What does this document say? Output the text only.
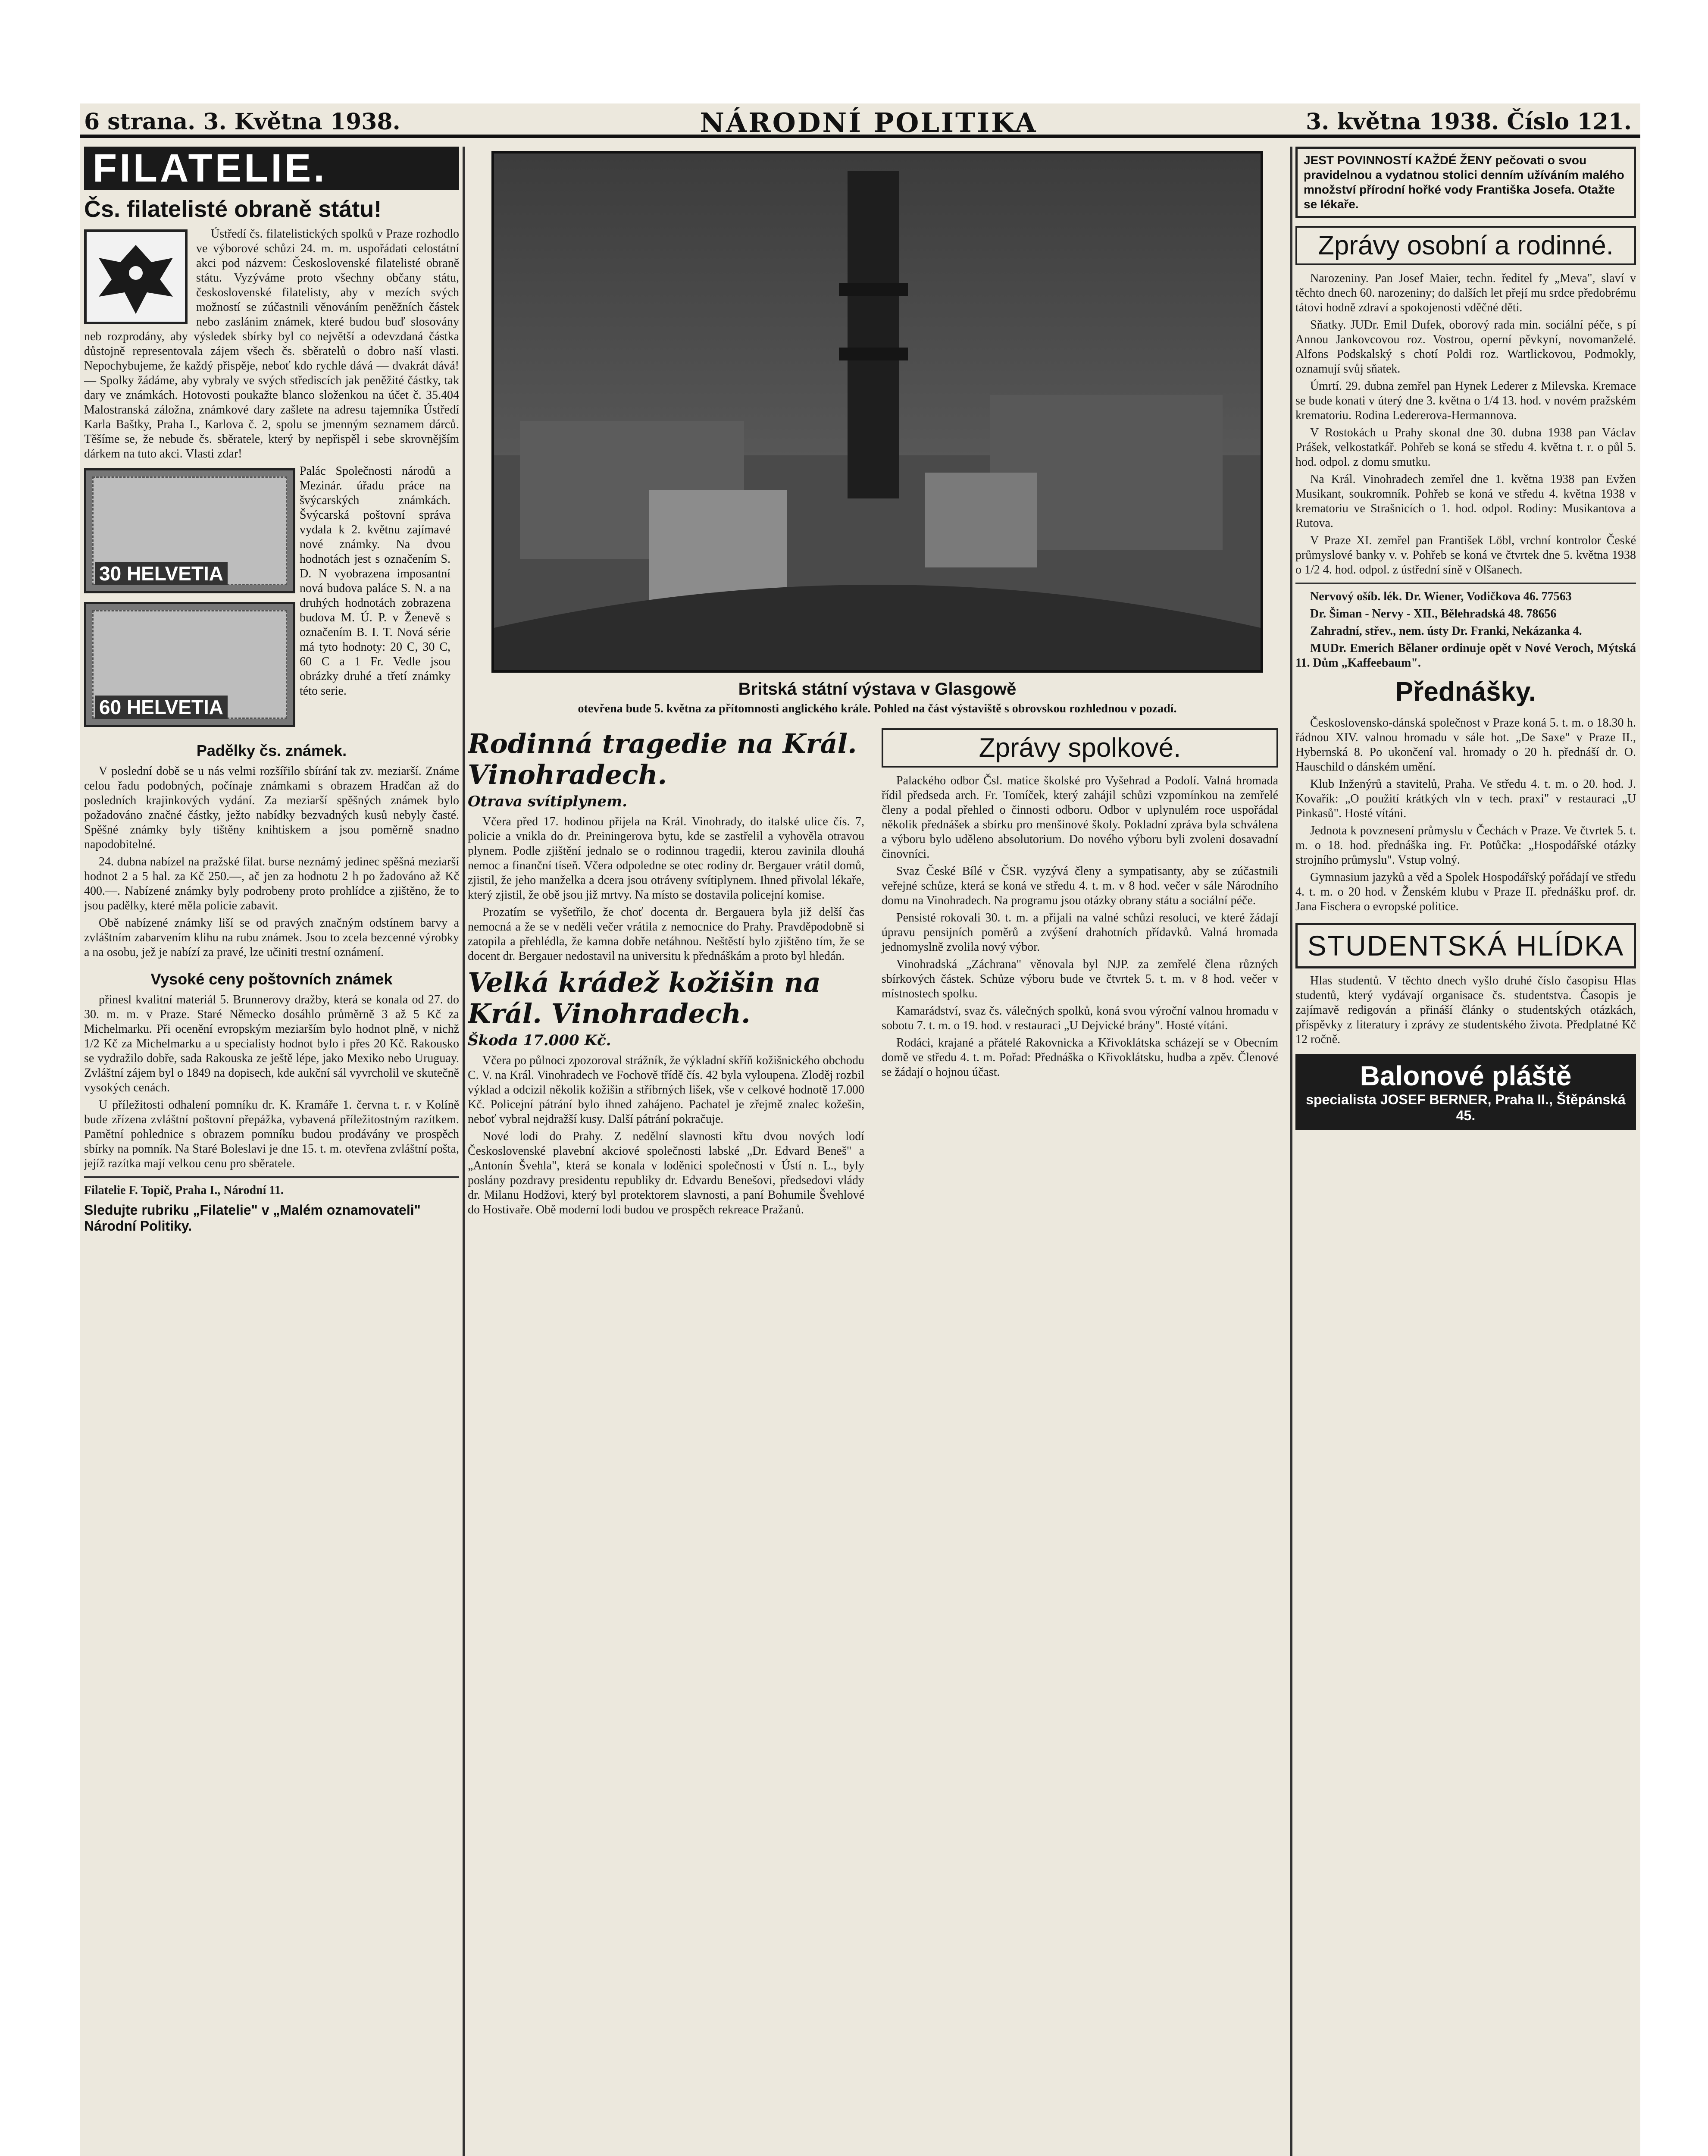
6 strana. 3. Května 1938.	NÁRODNÍ POLITIKA	3. května 1938. Číslo 121.
FILATELIE.
Čs. filatelisté obraně státu!

Ústředí čs. filatelistických spolků v Praze rozhodlo ve výborové schůzi 24. m. m. uspořádati celostátní akci pod názvem: Československé filatelisté obraně státu. Vyzýváme proto všechny občany státu, československé filatelisty, aby v mezích svých možností se zúčastnili věnováním peněžních částek nebo zaslánim známek, které budou buď slosovány neb rozprodány, aby výsledek sbírky byl co největší a odevzdaná částka důstojně representovala zájem všech čs. sběratelů o dobro naší vlasti. Nepochybujeme, že každý přispěje, neboť kdo rychle dává — dvakrát dává! — Spolky žádáme, aby vybraly ve svých střediscích jak peněžité částky, tak dary ve známkách. Hotovosti poukažte blanco složenkou na účet č. 35.404 Malostranská záložna, známkové dary zašlete na adresu tajemníka Ústředí Karla Baštky, Praha I., Karlova č. 2, spolu se jmenným seznamem dárců. Těšíme se, že nebude čs. sběratele, který by nepřispěl i sebe skrovnějším dárkem na tuto akci. Vlasti zdar!

30 HELVETIA
60 HELVETIA
Palác Společnosti národů a Mezinár. úřadu práce na švýcarských známkách. Švýcarská poštovní správa vydala k 2. květnu zajímavé nové známky. Na dvou hodnotách jest s označením S. D. N vyobrazena imposantní nová budova paláce S. N. a na druhých hodnotách zobrazena budova M. Ú. P. v Ženevě s označením B. I. T. Nová série má tyto hodnoty: 20 C, 30 C, 60 C a 1 Fr. Vedle jsou obrázky druhé a třetí známky této serie.
Padělky čs. známek.

V poslední době se u nás velmi rozšířilo sbírání tak zv. meziarší. Známe celou řadu podobných, počínaje známkami s obrazem Hradčan až do posledních krajinkových vydání. Za meziarší spěšných známek bylo požadováno značné částky, ježto nabídky bezvadných kusů nebyly časté. Spěšné známky byly tištěny knihtiskem a jsou poměrně snadno napodobitelné.

24. dubna nabízel na pražské filat. burse neznámý jedinec spěšná meziarší hodnot 2 a 5 hal. za Kč 250.—, ač jen za hodnotu 2 h po žadováno až Kč 400.—. Nabízené známky byly podrobeny proto prohlídce a zjištěno, že to jsou padělky, které měla policie zabavit.

Obě nabízené známky liší se od pravých značným odstínem barvy a zvláštním zabarvením klihu na rubu známek. Jsou to zcela bezcenné výrobky a na osobu, jež je nabízí za pravé, lze učiniti trestní oznámení.

Vysoké ceny poštovních známek

přinesl kvalitní materiál 5. Brunnerovy dražby, která se konala od 27. do 30. m. m. v Praze. Staré Německo dosáhlo průměrně 3 až 5 Kč za Michelmarku. Při ocenění evropským meziarším bylo hodnot plně, v nichž 1/2 Kč za Michelmarku a u specialisty hodnot bylo i přes 20 Kč. Rakousko se vydražilo dobře, sada Rakouska ze ještě lépe, jako Mexiko nebo Uruguay. Zvláštní zájem byl o 1849 na dopisech, kde aukční sál vyvrcholil ve skutečně vysokých cenách.

U příležitosti odhalení pomníku dr. K. Kramáře 1. června t. r. v Kolíně bude zřízena zvláštní poštovní přepážka, vybavená příležitostným razítkem. Pamětní pohlednice s obrazem pomníku budou prodávány ve prospěch sbírky na pomník. Na Staré Boleslavi je dne 15. t. m. otevřena zvláštní pošta, jejíž razítka mají velkou cenu pro sběratele.

Filatelie F. Topič, Praha I., Národní 11.
Sledujte rubriku „Filatelie" v „Malém oznamovateli" Národní Politiky.
Britská státní výstava v Glasgowě
otevřena bude 5. května za přítomnosti anglického krále. Pohled na část výstaviště s obrovskou rozhlednou v pozadí.
Rodinná tragedie na Král. Vinohradech.
Otrava svítiplynem.

Včera před 17. hodinou přijela na Král. Vinohrady, do italské ulice čís. 7, policie a vnikla do dr. Preiningerova bytu, kde se zastřelil a vyhověla otravou plynem. Podle zjištění jednalo se o rodinnou tragedii, kterou zavinila dlouhá nemoc a finanční tíseň. Včera odpoledne se otec rodiny dr. Bergauer vrátil domů, zjistil, že jeho manželka a dcera jsou otráveny svítiplynem. Ihned přivolal lékaře, který zjistil, že obě jsou již mrtvy. Na místo se dostavila policejní komise.

Prozatím se vyšetřilo, že choť docenta dr. Bergauera byla již delší čas nemocná a že se v neděli večer vrátila z nemocnice do Prahy. Pravděpodobně si zatopila a přehlédla, že kamna dobře netáhnou. Neštěstí bylo zjištěno tím, že se docent dr. Bergauer nedostavil na universitu k přednáškám a proto byl hledán.

Velká krádež kožišin na Král. Vinohradech.
Škoda 17.000 Kč.

Včera po půlnoci zpozoroval strážník, že výkladní skříň kožišnického obchodu C. V. na Král. Vinohradech ve Fochově třídě čís. 42 byla vyloupena. Zloděj rozbil výklad a odcizil několik kožišin a stříbrných lišek, vše v celkové hodnotě 17.000 Kč. Policejní pátrání bylo ihned zahájeno. Pachatel je zřejmě znalec kožešin, neboť vybral nejdražší kusy. Další pátrání pokračuje.

Nové lodi do Prahy. Z nedělní slavnosti křtu dvou nových lodí Československé plavební akciové společnosti labské „Dr. Edvard Beneš" a „Antonín Švehla", která se konala v loděnici společnosti v Ústí n. L., byly poslány pozdravy presidentu republiky dr. Edvardu Benešovi, předsedovi vlády dr. Milanu Hodžovi, který byl protektorem slavnosti, a paní Bohumile Švehlové do Hostivaře. Obě moderní lodi budou ve prospěch rekreace Pražanů.

Zprávy spolkové.

Palackého odbor Čsl. matice školské pro Vyšehrad a Podolí. Valná hromada řídil předseda arch. Fr. Tomíček, který zahájil schůzi vzpomínkou na zemřelé členy a podal přehled o činnosti odboru. Odbor v uplynulém roce uspořádal několik přednášek a sbírku pro menšinové školy. Pokladní zpráva byla schválena a výboru bylo uděleno absolutorium. Do nového výboru byli zvoleni dosavadní činovníci.

Svaz České Bílé v ČSR. vyzývá členy a sympatisanty, aby se zúčastnili veřejné schůze, která se koná ve středu 4. t. m. v 8 hod. večer v sále Národního domu na Vinohradech. Na programu jsou otázky obrany státu a sociální péče.

Pensisté rokovali 30. t. m. a přijali na valné schůzi resoluci, ve které žádají úpravu pensijních poměrů a zvýšení drahotních přídavků. Valná hromada jednomyslně zvolila nový výbor.

Vinohradská „Záchrana" věnovala byl NJP. za zemřelé člena různých sbírkových částek. Schůze výboru bude ve čtvrtek 5. t. m. v 8 hod. večer v místnostech spolku.

Kamarádství, svaz čs. válečných spolků, koná svou výroční valnou hromadu v sobotu 7. t. m. o 19. hod. v restauraci „U Dejvické brány". Hosté vítáni.

Rodáci, krajané a přátelé Rakovnicka a Křivoklátska scházejí se v Obecním domě ve středu 4. t. m. Pořad: Přednáška o Křivoklátsku, hudba a zpěv. Členové se žádají o hojnou účast.

JEST POVINNOSTÍ KAŽDÉ ŽENY pečovati o svou pravidelnou a vydatnou stolici denním užíváním malého množství přírodní hořké vody Františka Josefa. Otažte se lékaře.
Zprávy osobní a rodinné.

Narozeniny. Pan Josef Maier, techn. ředitel fy „Meva", slaví v těchto dnech 60. narozeniny; do dalších let přejí mu srdce předobrému tátovi hodně zdraví a spokojenosti vděčné děti.

Sňatky. JUDr. Emil Dufek, oborový rada min. sociální péče, s pí Annou Jankovcovou roz. Vostrou, operní pěvkyní, novomanželé. Alfons Podskalský s chotí Poldi roz. Wartlickovou, Podmokly, oznamují svůj sňatek.

Úmrtí. 29. dubna zemřel pan Hynek Lederer z Milevska. Kremace se bude konati v úterý dne 3. května o 1/4 13. hod. v novém pražském krematoriu. Rodina Ledererova-Hermannova.

V Rostokách u Prahy skonal dne 30. dubna 1938 pan Václav Prášek, velkostatkář. Pohřeb se koná se středu 4. května t. r. o půl 5. hod. odpol. z domu smutku.

Na Král. Vinohradech zemřel dne 1. května 1938 pan Evžen Musikant, soukromník. Pohřeb se koná ve středu 4. května 1938 v krematoriu ve Strašnicích o 1. hod. odpol. Rodiny: Musikantova a Rutova.

V Praze XI. zemřel pan František Löbl, vrchní kontrolor České průmyslové banky v. v. Pohřeb se koná ve čtvrtek dne 5. května 1938 o 1/2 4. hod. odpol. z ústřední síně v Olšanech.

Nervový ošíb. lék. Dr. Wiener, Vodičkova 46. 77563

Dr. Šiman - Nervy - XII., Bělehradská 48. 78656

Zahradní, střev., nem. ústy Dr. Franki, Nekázanka 4.

MUDr. Emerich Bělaner ordinuje opět v Nové Veroch, Mýtská 11. Dům „Kaffeebaum".

Přednášky.

Československo-dánská společnost v Praze koná 5. t. m. o 18.30 h. řádnou XIV. valnou hromadu v sále hot. „De Saxe" v Praze II., Hybernská 8. Po ukončení val. hromady o 20 h. přednáší dr. O. Hauschild o dánském umění.

Klub Inženýrů a stavitelů, Praha. Ve středu 4. t. m. o 20. hod. J. Kovařík: „O použití krátkých vln v tech. praxi" v restauraci „U Pinkasů". Hosté vítáni.

Jednota k povznesení průmyslu v Čechách v Praze. Ve čtvrtek 5. t. m. o 18. hod. přednáška ing. Fr. Potůčka: „Hospodářské otázky strojního průmyslu". Vstup volný.

Gymnasium jazyků a věd a Spolek Hospodářský pořádají ve středu 4. t. m. o 20 hod. v Ženském klubu v Praze II. přednášku prof. dr. Jana Fischera o evropské politice.

STUDENTSKÁ HLÍDKA

Hlas studentů. V těchto dnech vyšlo druhé číslo časopisu Hlas studentů, který vydávají organisace čs. studentstva. Časopis je zajímavě redigován a přináší články o studentských otázkách, příspěvky z literatury i zprávy ze studentského života. Předplatné Kč 12 ročně.

Balonové pláště
specialista JOSEF BERNER, Praha II., Štěpánská 45.
